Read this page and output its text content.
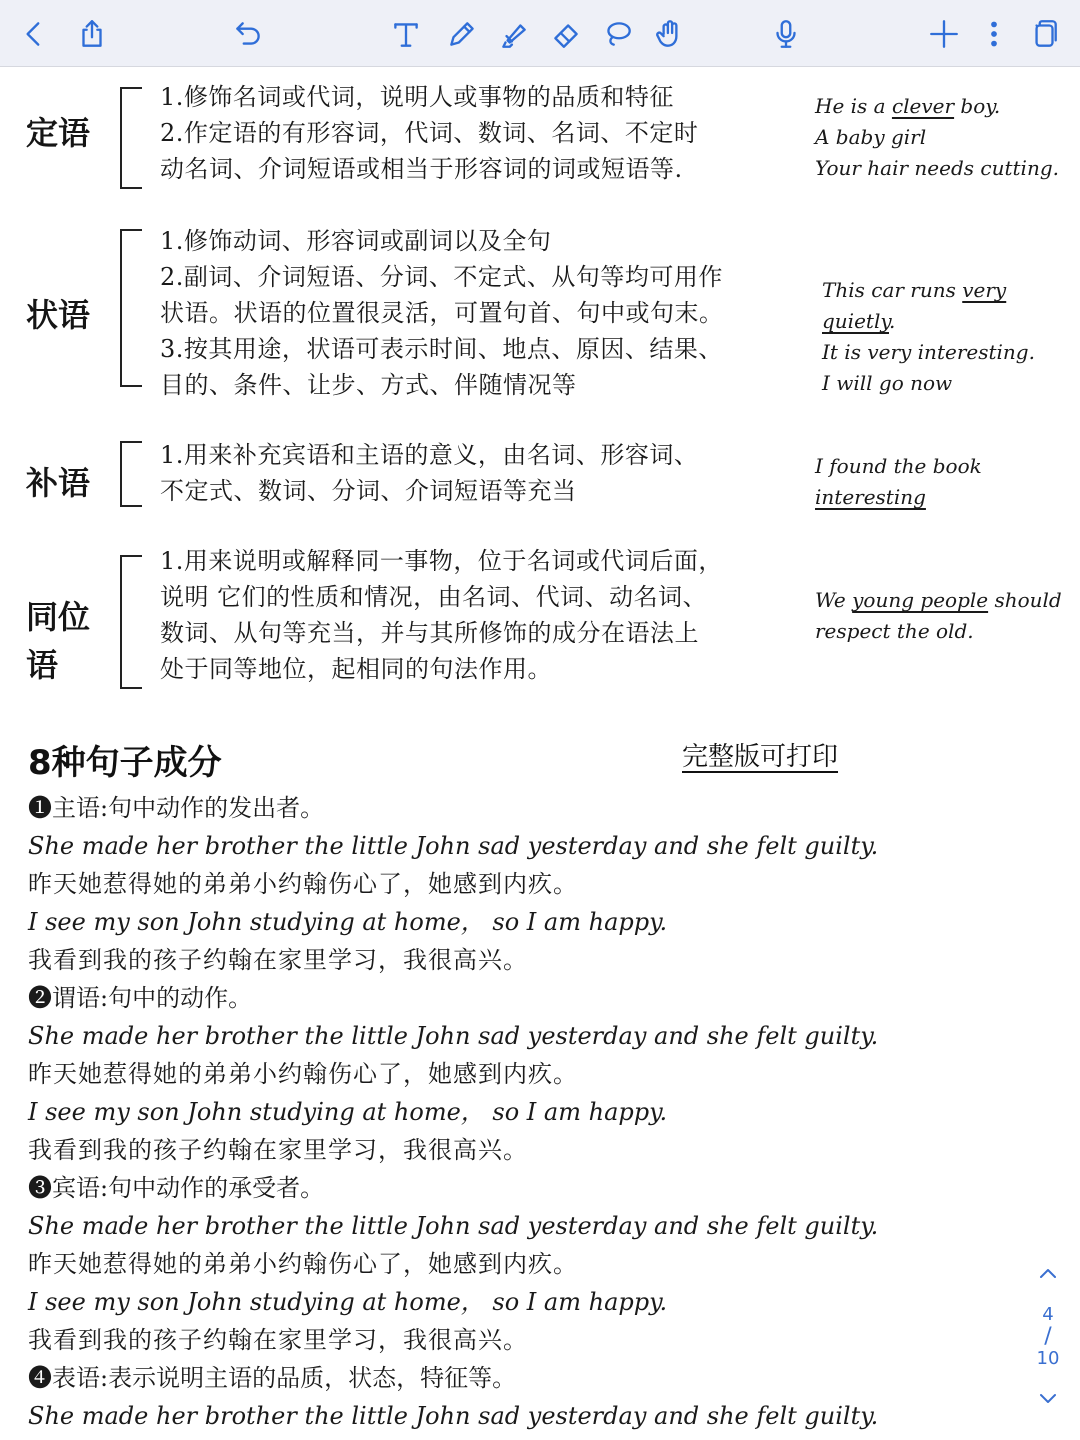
定语
1.修饰名词或代词，说明人或事物的品质和特征
2.作定语的有形容词，代词、数词、名词、不定时
动名词、介词短语或相当于形容词的词或短语等.
He is a clever boy.
A baby girl
Your hair needs cutting.
状语
1.修饰动词、形容词或副词以及全句
2.副词、介词短语、分词、不定式、从句等均可用作
状语。状语的位置很灵活，可置句首、句中或句末。
3.按其用途，状语可表示时间、地点、原因、结果、
目的、条件、让步、方式、伴随情况等
This car runs very
quietly.
It is very interesting.
I will go now
补语
1.用来补充宾语和主语的意义，由名词、形容词、
不定式、数词、分词、介词短语等充当
I found the book
interesting
同位
语
1.用来说明或解释同一事物，位于名词或代词后面，
说明 它们的性质和情况，由名词、代词、动名词、
数词、从句等充当，并与其所修饰的成分在语法上
处于同等地位，起相同的句法作用。
We young people should
respect the old.
8种句子成分	完整版可打印
❶主语:句中动作的发出者。
She made her brother the little John sad yesterday and she felt guilty.
昨天她惹得她的弟弟小约翰伤心了，她感到内疚。
I see my son John studying at home， so I am happy.
我看到我的孩子约翰在家里学习，我很高兴。
❷谓语:句中的动作。
She made her brother the little John sad yesterday and she felt guilty.
昨天她惹得她的弟弟小约翰伤心了，她感到内疚。
I see my son John studying at home， so I am happy.
我看到我的孩子约翰在家里学习，我很高兴。
❸宾语:句中动作的承受者。
She made her brother the little John sad yesterday and she felt guilty.
昨天她惹得她的弟弟小约翰伤心了，她感到内疚。
I see my son John studying at home， so I am happy.
我看到我的孩子约翰在家里学习，我很高兴。
❹表语:表示说明主语的品质，状态，特征等。
She made her brother the little John sad yesterday and she felt guilty.
4
/
10
